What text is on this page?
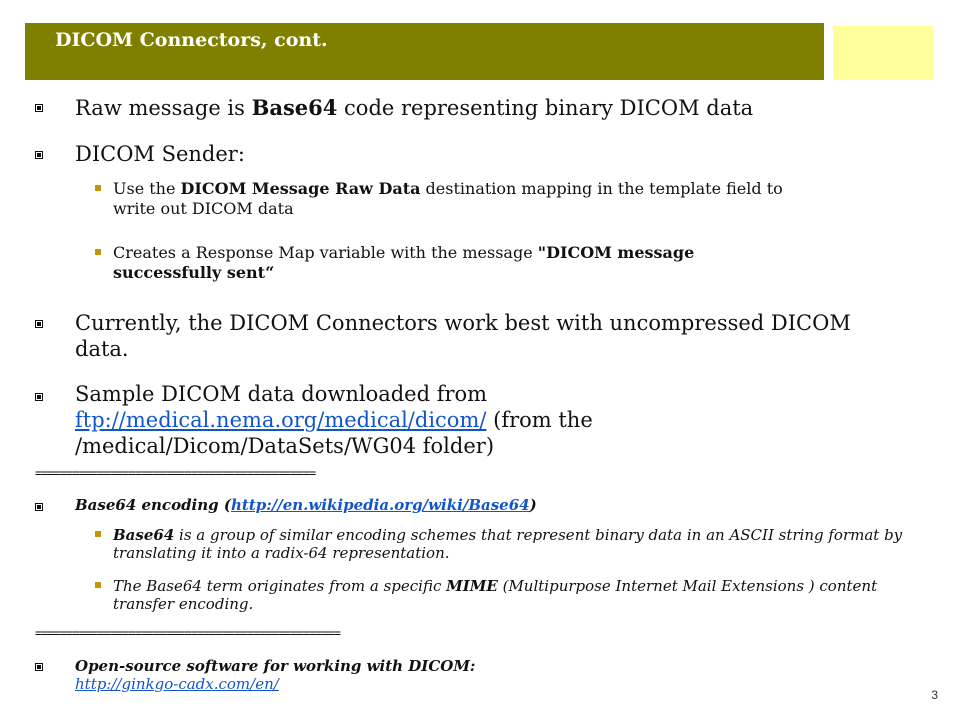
DICOM Connectors, cont.
Raw message is Base64 code representing binary DICOM data
DICOM Sender:
Use the DICOM Message Raw Data destination mapping in the template field to
write out DICOM data
Creates a Response Map variable with the message "DICOM message
successfully sent“
Currently, the DICOM Connectors work best with uncompressed DICOM
data.
Sample DICOM data downloaded from
ftp://medical.nema.org/medical/dicom/ (from the
/medical/Dicom/DataSets/WG04 folder)
=============================================
Base64 encoding (http://en.wikipedia.org/wiki/Base64)
Base64 is a group of similar encoding schemes that represent binary data in an ASCII string format by
translating it into a radix-64 representation.
The Base64 term originates from a specific MIME (Multipurpose Internet Mail Extensions ) content
transfer encoding.
=================================================
Open-source software for working with DICOM:
http://ginkgo-cadx.com/en/
3
